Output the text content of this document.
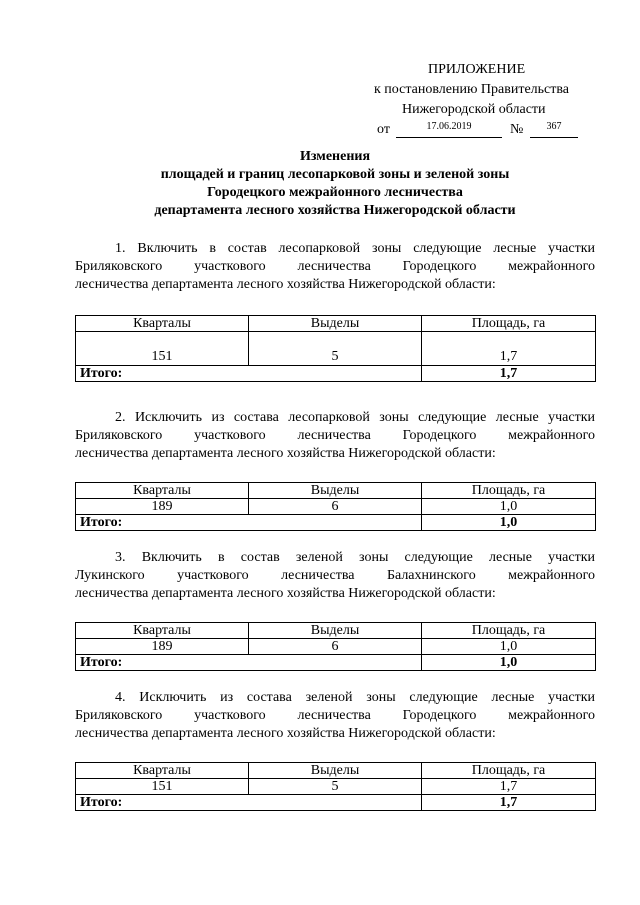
ПРИЛОЖЕНИЕ
к постановлению Правительства
Нижегородской области
от	17.06.2019	№	367
Изменения
площадей и границ лесопарковой зоны и зеленой зоны
Городецкого межрайонного лесничества
департамента лесного хозяйства Нижегородской области

1. Включить в состав лесопарковой зоны следующие лесные участки
Бриляковского участкового лесничества Городецкого межрайонного
лесничества департамента лесного хозяйства Нижегородской области:

Кварталы	Выделы	Площадь, га
151	5	1,7
Итого:		1,7

2. Исключить из состава лесопарковой зоны следующие лесные участки
Бриляковского участкового лесничества Городецкого межрайонного
лесничества департамента лесного хозяйства Нижегородской области:

Кварталы	Выделы	Площадь, га
189	6	1,0
Итого:		1,0

3. Включить в состав зеленой зоны следующие лесные участки
Лукинского участкового лесничества Балахнинского межрайонного
лесничества департамента лесного хозяйства Нижегородской области:

Кварталы	Выделы	Площадь, га
189	6	1,0
Итого:		1,0

4. Исключить из состава зеленой зоны следующие лесные участки
Бриляковского участкового лесничества Городецкого межрайонного
лесничества департамента лесного хозяйства Нижегородской области:

Кварталы	Выделы	Площадь, га
151	5	1,7
Итого:		1,7
